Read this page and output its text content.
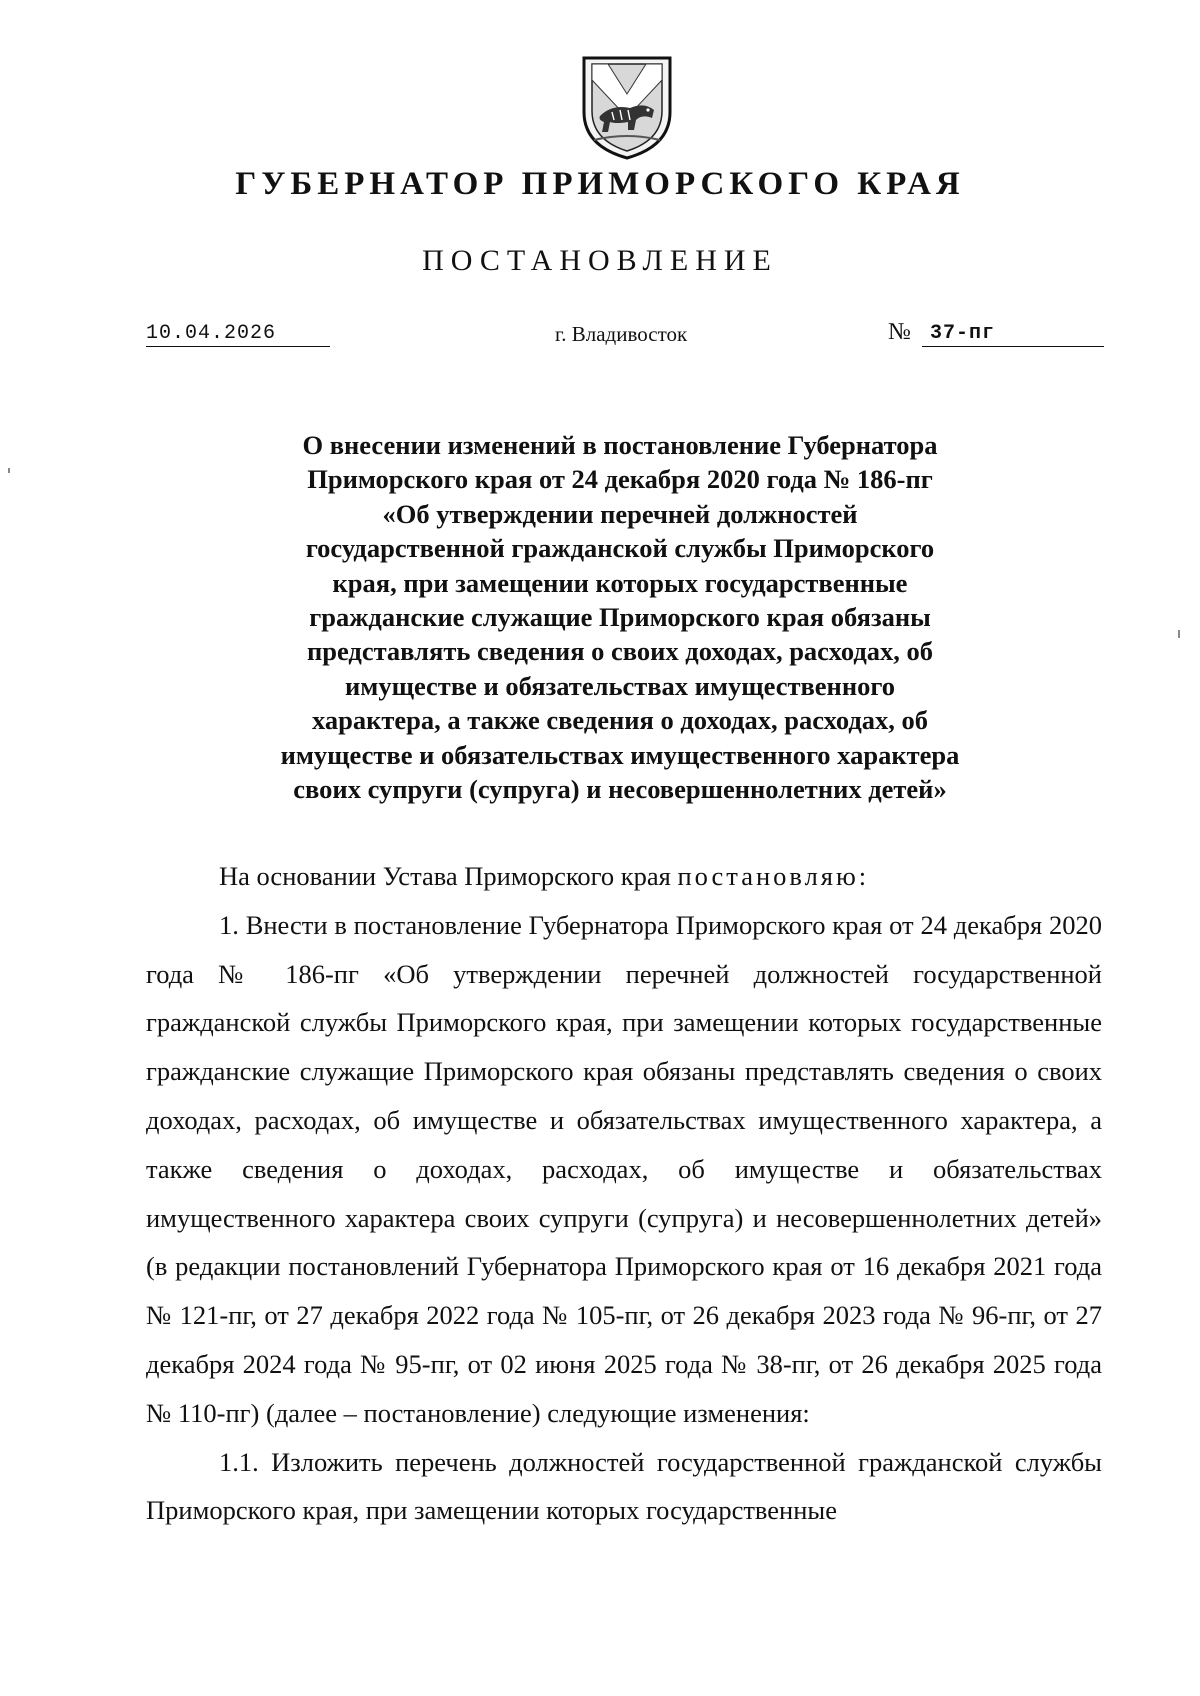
ГУБЕРНАТОР ПРИМОРСКОГО КРАЯ
ПОСТАНОВЛЕНИЕ
10.04.2026	г. Владивосток	№ 37-пг
О внесении изменений в постановление Губернатора
Приморского края от 24 декабря 2020 года № 186-пг
«Об утверждении перечней должностей
государственной гражданской службы Приморского
края, при замещении которых государственные
гражданские служащие Приморского края обязаны
представлять сведения о своих доходах, расходах, об
имуществе и обязательствах имущественного
характера, а также сведения о доходах, расходах, об
имуществе и обязательствах имущественного характера
своих супруги (супруга) и несовершеннолетних детей»

На основании Устава Приморского края постановляю:

1. Внести в постановление Губернатора Приморского края от 24 декабря 2020 года № 186-пг «Об утверждении перечней должностей государственной гражданской службы Приморского края, при замещении которых государственные гражданские служащие Приморского края обязаны представлять сведения о своих доходах, расходах, об имуществе и обязательствах имущественного характера, а также сведения о доходах, расходах, об имуществе и обязательствах имущественного характера своих супруги (супруга) и несовершеннолетних детей» (в редакции постановлений Губернатора Приморского края от 16 декабря 2021 года № 121-пг, от 27 декабря 2022 года № 105-пг, от 26 декабря 2023 года № 96-пг, от 27 декабря 2024 года № 95-пг, от 02 июня 2025 года № 38-пг, от 26 декабря 2025 года № 110-пг) (далее – постановление) следующие изменения:

1.1. Изложить перечень должностей государственной гражданской службы Приморского края, при замещении которых государственные
